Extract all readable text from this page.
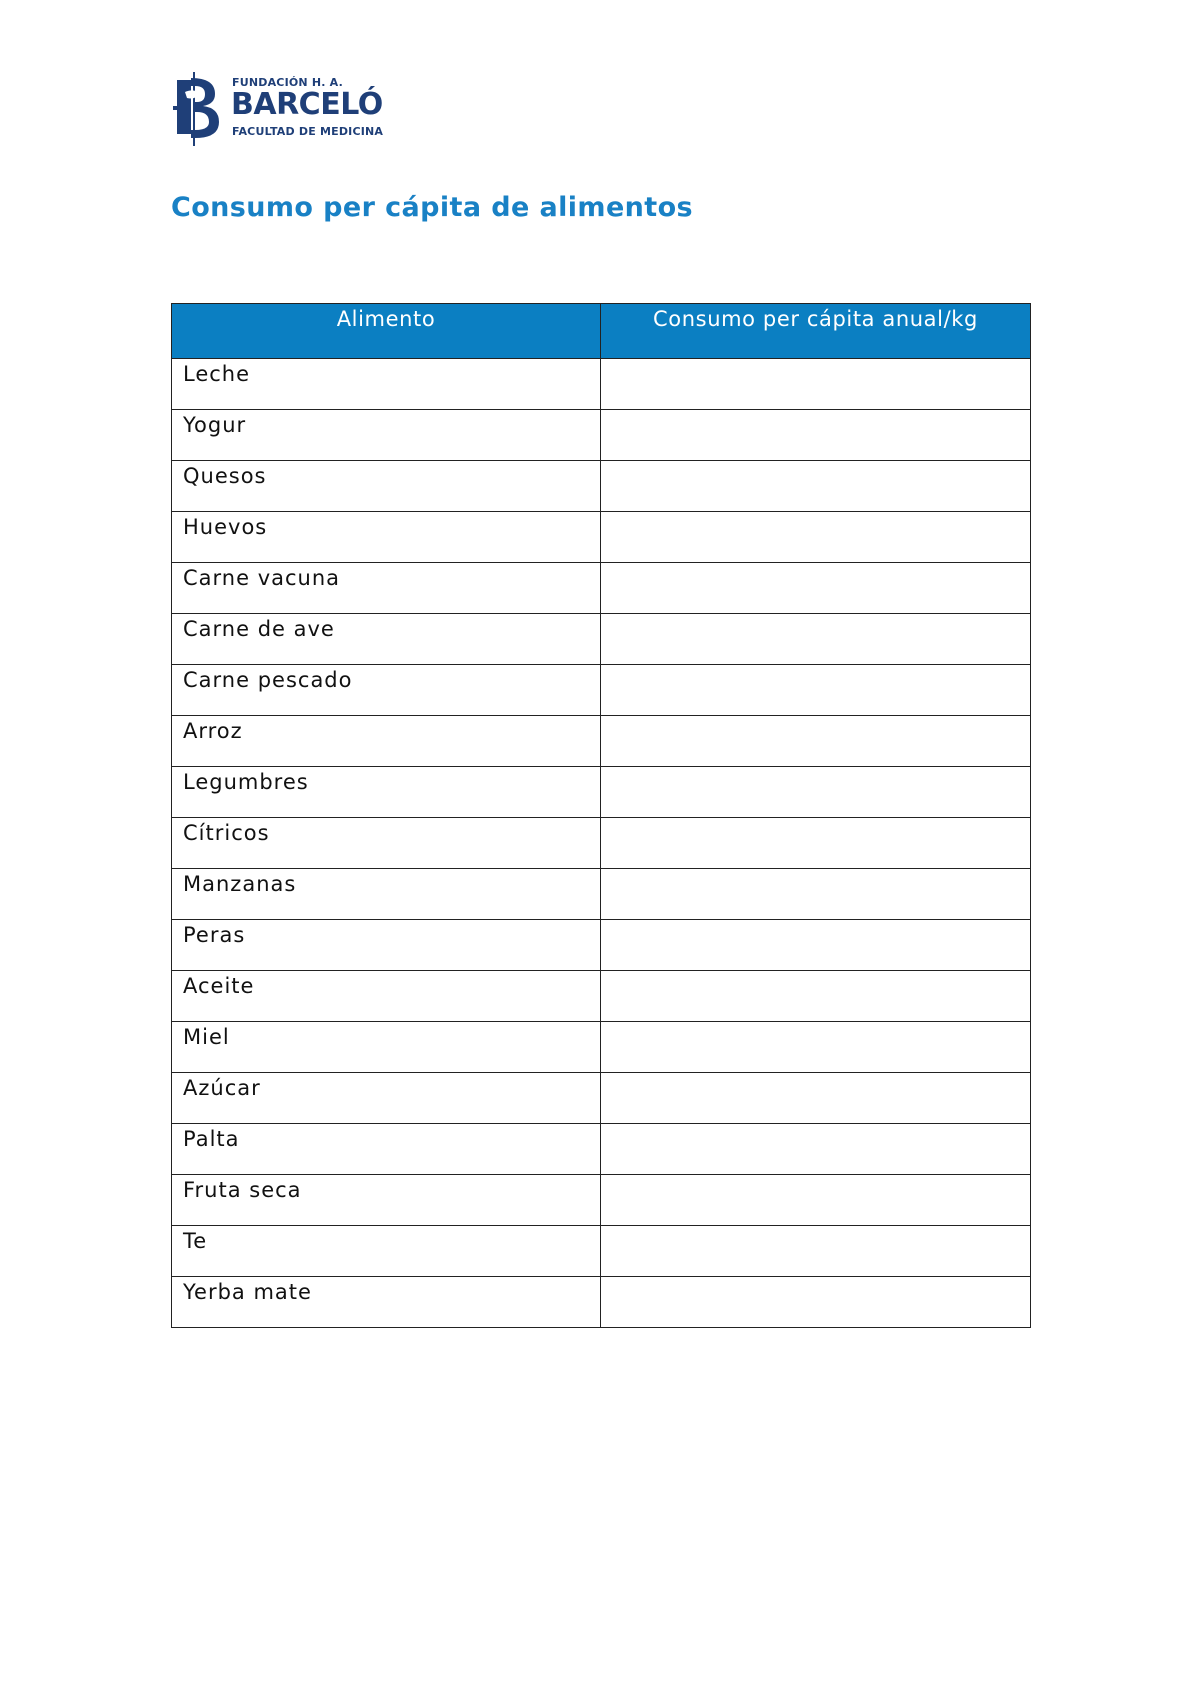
FUNDACIÓN H. A.
BARCELÓ
FACULTAD DE MEDICINA
Consumo per cápita de alimentos
Alimento	Consumo per cápita anual/kg
Leche	
Yogur	
Quesos	
Huevos	
Carne vacuna	
Carne de ave	
Carne pescado	
Arroz	
Legumbres	
Cítricos	
Manzanas	
Peras	
Aceite	
Miel	
Azúcar	
Palta	
Fruta seca	
Te	
Yerba mate	
